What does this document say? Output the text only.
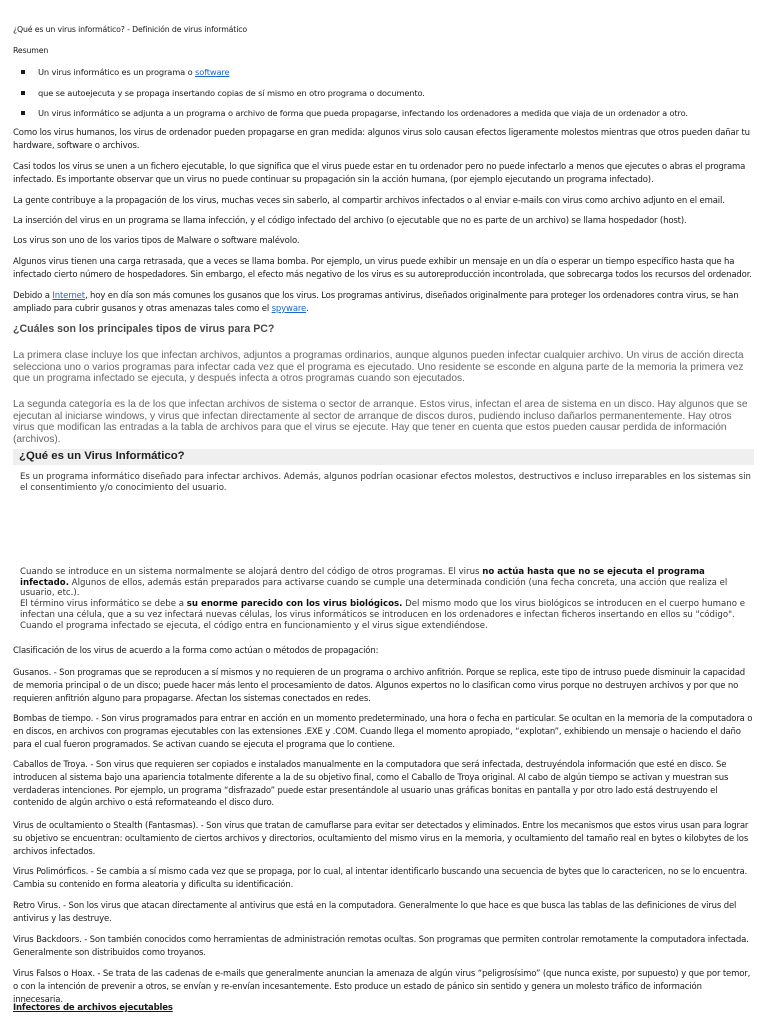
¿Qué es un virus informático? - Definición de virus informático

Resumen

Un virus informático es un programa o software
que se autoejecuta y se propaga insertando copias de sí mismo en otro programa o documento.
Un virus informático se adjunta a un programa o archivo de forma que pueda propagarse, infectando los ordenadores a medida que viaja de un ordenador a otro.

Como los virus humanos, los virus de ordenador pueden propagarse en gran medida: algunos virus solo causan efectos ligeramente molestos mientras que otros pueden dañar tu hardware, software o archivos.

Casi todos los virus se unen a un fichero ejecutable, lo que significa que el virus puede estar en tu ordenador pero no puede infectarlo a menos que ejecutes o abras el programa infectado. Es importante observar que un virus no puede continuar su propagación sin la acción humana, (por ejemplo ejecutando un programa infectado).

La gente contribuye a la propagación de los virus, muchas veces sin saberlo, al compartir archivos infectados o al enviar e-mails con virus como archivo adjunto en el email.

La inserción del virus en un programa se llama infección, y el código infectado del archivo (o ejecutable que no es parte de un archivo) se llama hospedador (host).

Los virus son uno de los varios tipos de Malware o software malévolo.

Algunos virus tienen una carga retrasada, que a veces se llama bomba. Por ejemplo, un virus puede exhibir un mensaje en un día o esperar un tiempo específico hasta que ha infectado cierto número de hospedadores. Sin embargo, el efecto más negativo de los virus es su autoreproducción incontrolada, que sobrecarga todos los recursos del ordenador.

Debido a Internet, hoy en día son más comunes los gusanos que los virus. Los programas antivirus, diseñados originalmente para proteger los ordenadores contra virus, se han ampliado para cubrir gusanos y otras amenazas tales como el spyware.

¿Cuáles son los principales tipos de virus para PC?

La primera clase incluye los que infectan archivos, adjuntos a programas ordinarios, aunque algunos pueden infectar cualquier archivo. Un virus de acción directa selecciona uno o varios programas para infectar cada vez que el programa es ejecutado. Uno residente se esconde en alguna parte de la memoria la primera vez que un programa infectado se ejecuta, y después infecta a otros programas cuando son ejecutados.

La segunda categoría es la de los que infectan archivos de sistema o sector de arranque. Estos virus, infectan el area de sistema en un disco. Hay algunos que se ejecutan al iniciarse windows, y virus que infectan directamente al sector de arranque de discos duros, pudiendo incluso dañarlos permanentemente. Hay otros virus que modifican las entradas a la tabla de archivos para que el virus se ejecute. Hay que tener en cuenta que estos pueden causar perdida de información (archivos).

¿Qué es un Virus Informático?

Es un programa informático diseñado para infectar archivos. Además, algunos podrían ocasionar efectos molestos, destructivos e incluso irreparables en los sistemas sin el consentimiento y/o conocimiento del usuario.

Cuando se introduce en un sistema normalmente se alojará dentro del código de otros programas. El virus no actúa hasta que no se ejecuta el programa infectado. Algunos de ellos, además están preparados para activarse cuando se cumple una determinada condición (una fecha concreta, una acción que realiza el usuario, etc.).
El término virus informático se debe a su enorme parecido con los virus biológicos. Del mismo modo que los virus biológicos se introducen en el cuerpo humano e infectan una célula, que a su vez infectará nuevas células, los virus informáticos se introducen en los ordenadores e infectan ficheros insertando en ellos su "código". Cuando el programa infectado se ejecuta, el código entra en funcionamiento y el virus sigue extendiéndose.

Clasificación de los virus de acuerdo a la forma como actúan o métodos de propagación:

Gusanos. - Son programas que se reproducen a sí mismos y no requieren de un programa o archivo anfitrión. Porque se replica, este tipo de intruso puede disminuir la capacidad de memoria principal o de un disco; puede hacer más lento el procesamiento de datos. Algunos expertos no lo clasifican como virus porque no destruyen archivos y por que no requieren anfitrión alguno para propagarse. Afectan los sistemas conectados en redes.

Bombas de tiempo. - Son virus programados para entrar en acción en un momento predeterminado, una hora o fecha en particular. Se ocultan en la memoria de la computadora o en discos, en archivos con programas ejecutables con las extensiones .EXE y .COM. Cuando llega el momento apropiado, “explotan”, exhibiendo un mensaje o haciendo el daño para el cual fueron programados. Se activan cuando se ejecuta el programa que lo contiene.

Caballos de Troya. - Son virus que requieren ser copiados e instalados manualmente en la computadora que será infectada, destruyéndola información que esté en disco. Se introducen al sistema bajo una apariencia totalmente diferente a la de su objetivo final, como el Caballo de Troya original. Al cabo de algún tiempo se activan y muestran sus verdaderas intenciones. Por ejemplo, un programa “disfrazado” puede estar presentándole al usuario unas gráficas bonitas en pantalla y por otro lado está destruyendo el contenido de algún archivo o está reformateando el disco duro.

Virus de ocultamiento o Stealth (Fantasmas). - Son virus que tratan de camuflarse para evitar ser detectados y eliminados. Entre los mecanismos que estos virus usan para lograr su objetivo se encuentran: ocultamiento de ciertos archivos y directorios, ocultamiento del mismo virus en la memoria, y ocultamiento del tamaño real en bytes o kilobytes de los archivos infectados.

Virus Polimórficos. - Se cambia a sí mismo cada vez que se propaga, por lo cual, al intentar identificarlo buscando una secuencia de bytes que lo caractericen, no se lo encuentra. Cambia su contenido en forma aleatoria y dificulta su identificación.

Retro Virus. - Son los virus que atacan directamente al antivirus que está en la computadora. Generalmente lo que hace es que busca las tablas de las definiciones de virus del antivirus y las destruye.

Virus Backdoors. - Son también conocidos como herramientas de administración remotas ocultas. Son programas que permiten controlar remotamente la computadora infectada. Generalmente son distribuidos como troyanos.

Virus Falsos o Hoax. - Se trata de las cadenas de e-mails que generalmente anuncian la amenaza de algún virus “peligrosísimo” (que nunca existe, por supuesto) y que por temor, o con la intención de prevenir a otros, se envían y re-envían incesantemente. Esto produce un estado de pánico sin sentido y genera un molesto tráfico de información innecesaria.

Infectores de archivos ejecutables
